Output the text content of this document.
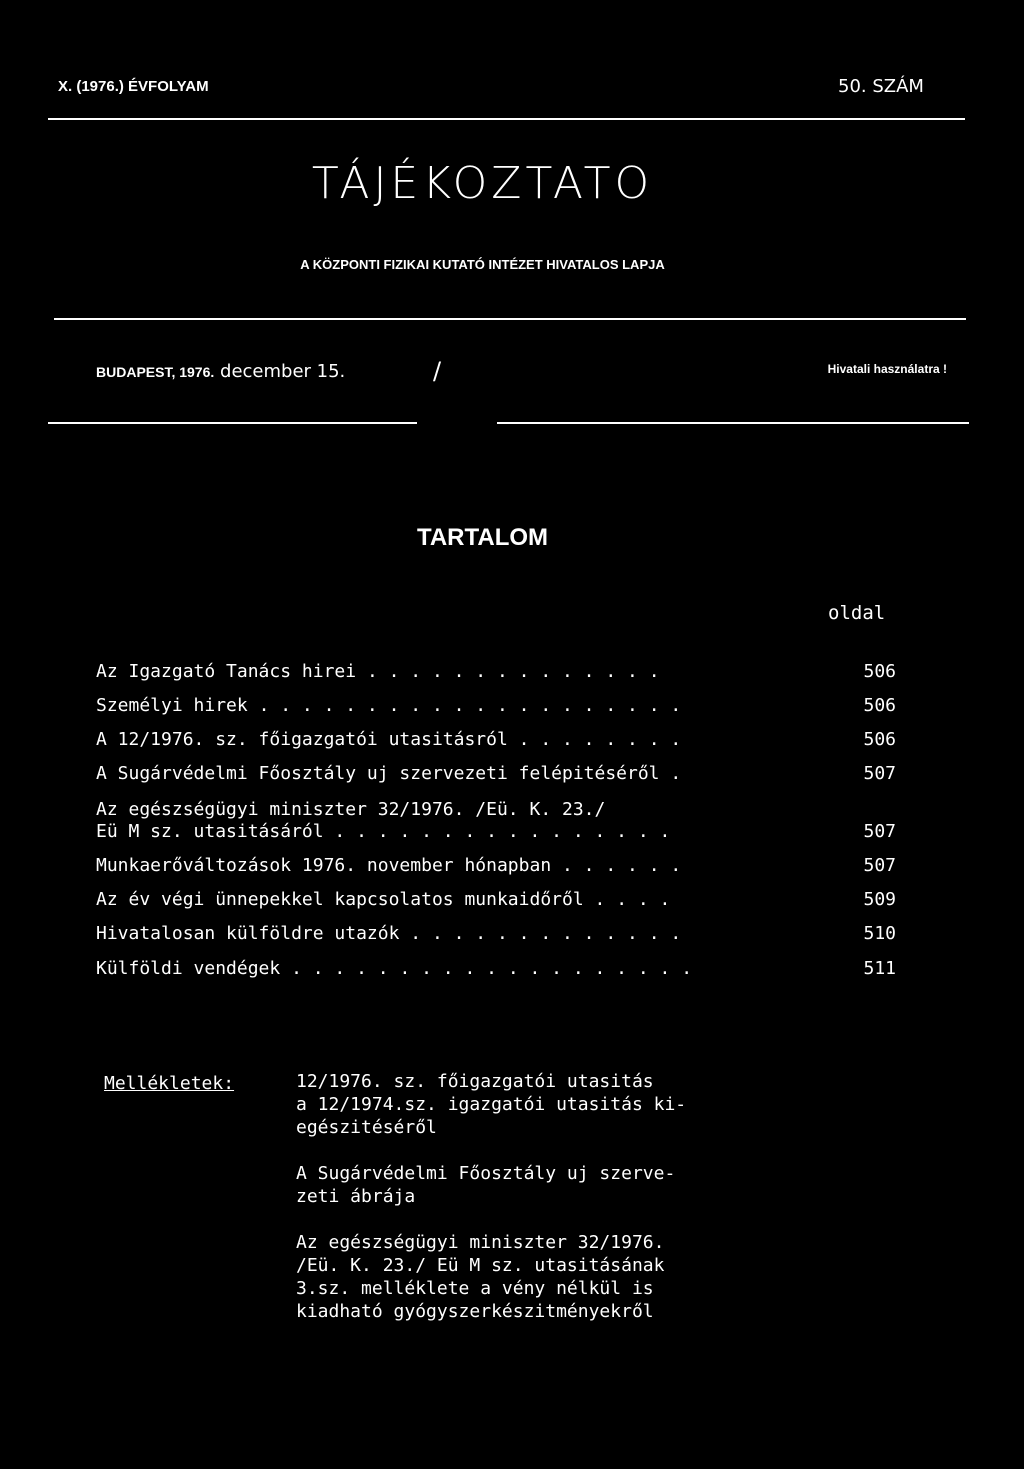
X. (1976.) ÉVFOLYAM	50. SZÁM
TÁJÉKOZTATO
A KÖZPONTI FIZIKAI KUTATÓ INTÉZET HIVATALOS LAPJA
BUDAPEST, 1976. december 15.	/	Hivatali használatra !
TARTALOM
oldal
Az Igazgató Tanács hirei . . . . . . . . . . . . . .	506
Személyi hirek . . . . . . . . . . . . . . . . . . . .	506
A 12/1976. sz. főigazgatói utasitásról . . . . . . . .	506
A Sugárvédelmi Főosztály uj szervezeti felépitéséről .	507
Az egészségügyi miniszter 32/1976. /Eü. K. 23./
Eü M sz. utasitásáról . . . . . . . . . . . . . . . .	507
Munkaerőváltozások 1976. november hónapban . . . . . .	507
Az év végi ünnepekkel kapcsolatos munkaidőről . . . .	509
Hivatalosan külföldre utazók . . . . . . . . . . . . .	510
Külföldi vendégek . . . . . . . . . . . . . . . . . . .	511
Mellékletek:	12/1976. sz. főigazgatói utasitás
a 12/1974.sz. igazgatói utasitás ki-
egészitéséről
A Sugárvédelmi Főosztály uj szerve-
zeti ábrája
Az egészségügyi miniszter 32/1976.
/Eü. K. 23./ Eü M sz. utasitásának
3.sz. melléklete a vény nélkül is
kiadható gyógyszerkészitményekről
